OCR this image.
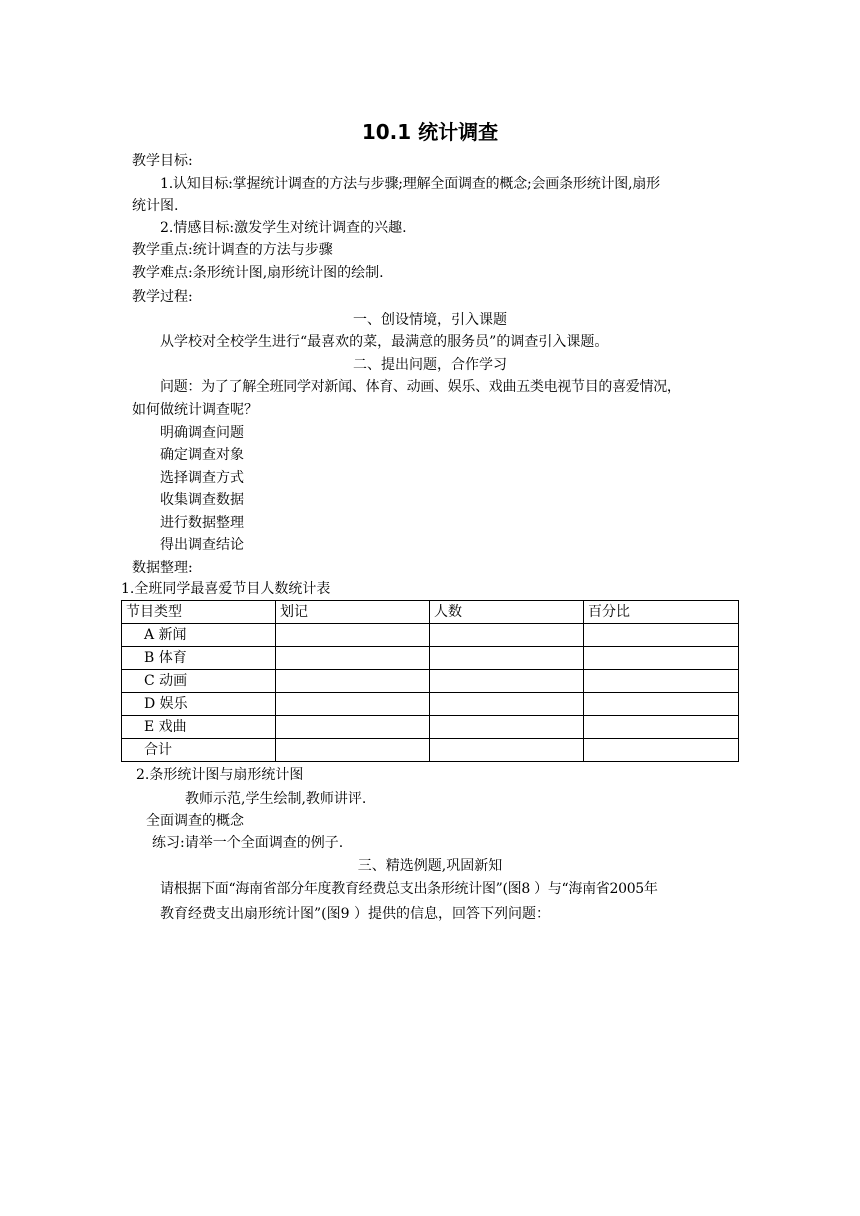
10.1 统计调查
教学目标:
1.认知目标:掌握统计调查的方法与步骤;理解全面调查的概念;会画条形统计图,扇形
统计图.
2.情感目标:激发学生对统计调查的兴趣.
教学重点:统计调查的方法与步骤
教学难点:条形统计图,扇形统计图的绘制.
教学过程:
一、创设情境，引入课题
从学校对全校学生进行“最喜欢的菜，最满意的服务员”的调查引入课题。
二、提出问题，合作学习
问题：为了了解全班同学对新闻、体育、动画、娱乐、戏曲五类电视节目的喜爱情况，
如何做统计调查呢？
明确调查问题
确定调查对象
选择调查方式
收集调查数据
进行数据整理
得出调查结论
数据整理:
1.全班同学最喜爱节目人数统计表
节目类型	划记	人数	百分比
A 新闻			
B 体育			
C 动画			
D 娱乐			
E 戏曲			
合计			
2.条形统计图与扇形统计图
教师示范,学生绘制,教师讲评.
全面调查的概念
练习:请举一个全面调查的例子.
三、精选例题,巩固新知
请根据下面“海南省部分年度教育经费总支出条形统计图”(图8 ）与“海南省2005年
教育经费支出扇形统计图”(图9 ）提供的信息，回答下列问题：
